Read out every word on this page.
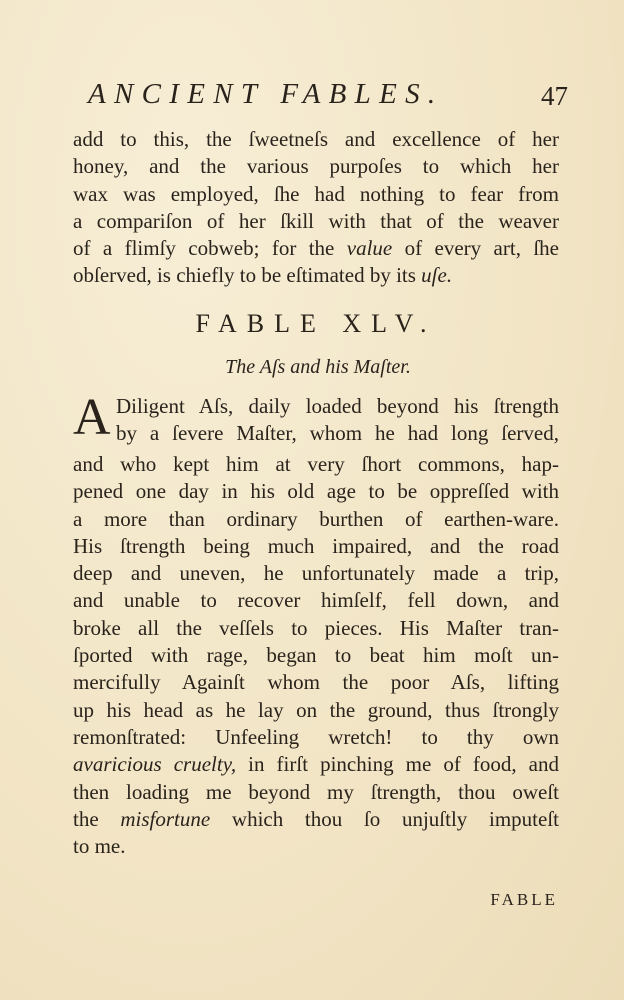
ANCIENT FABLES.	47
add to this, the ſweetneſs and excellence of her
honey, and the various purpoſes to which her
wax was employed, ſhe had nothing to fear from
a compariſon of her ſkill with that of the weaver
of a flimſy cobweb; for the value of every art, ſhe
obſerved, is chiefly to be eſtimated by its uſe.
FABLE XLV.
The Aſs and his Maſter.
A Diligent Aſs, daily loaded beyond his ſtrength
by a ſevere Maſter, whom he had long ſerved,
and who kept him at very ſhort commons, hap-
pened one day in his old age to be oppreſſed with
a more than ordinary burthen of earthen-ware.
His ſtrength being much impaired, and the road
deep and uneven, he unfortunately made a trip,
and unable to recover himſelf, fell down, and
broke all the veſſels to pieces. His Maſter tran-
ſported with rage, began to beat him moſt un-
mercifully Againſt whom the poor Aſs, lifting
up his head as he lay on the ground, thus ſtrongly
remonſtrated: Unfeeling wretch! to thy own
avaricious cruelty, in firſt pinching me of food, and
then loading me beyond my ſtrength, thou oweſt
the misfortune which thou ſo unjuſtly imputeſt
to me.
FABLE
